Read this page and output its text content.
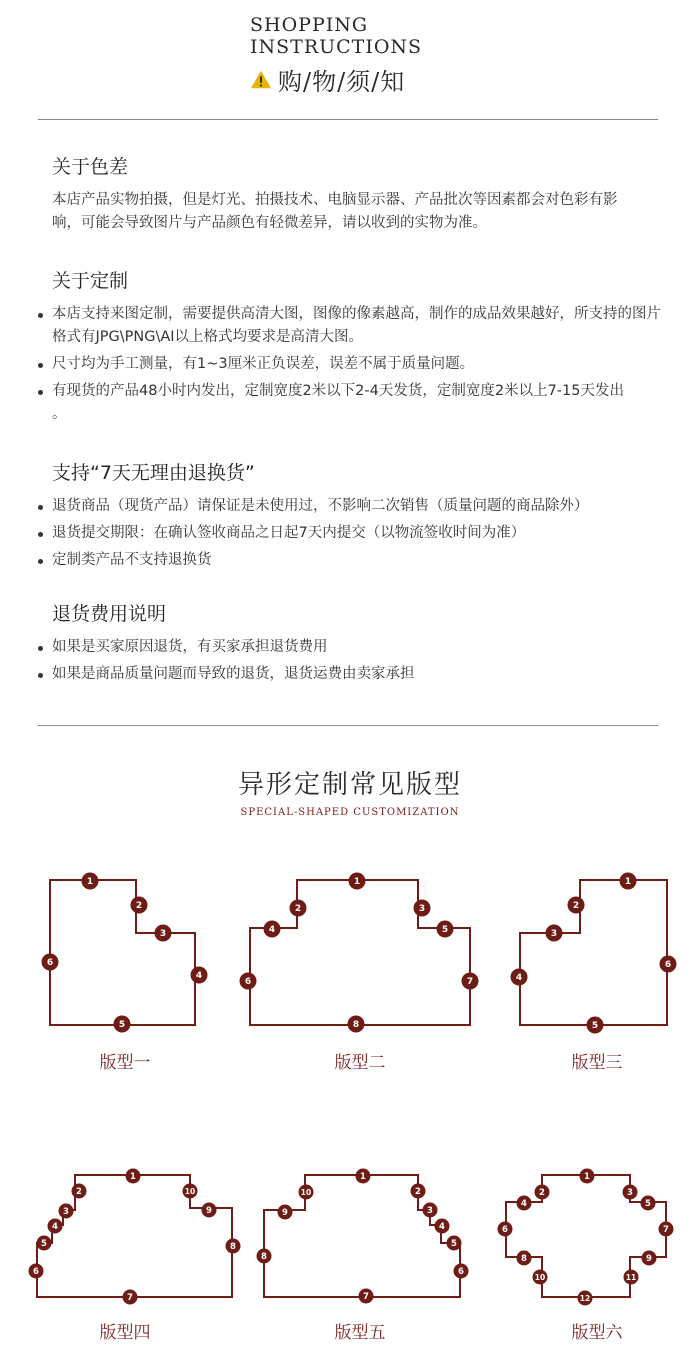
SHOPPING
INSTRUCTIONS
购/物/须/知
关于色差

本店产品实物拍摄，但是灯光、拍摄技术、电脑显示器、产品批次等因素都会对色彩有影响，可能会导致图片与产品颜色有轻微差异，请以收到的实物为准。

关于定制
本店支持来图定制，需要提供高清大图，图像的像素越高，制作的成品效果越好，所支持的图片格式有JPG\PNG\AI以上格式均要求是高清大图。
尺寸均为手工测量，有1~3厘米正负误差，误差不属于质量问题。
有现货的产品48小时内发出，定制宽度2米以下2-4天发货，定制宽度2米以上7-15天发出 。
支持“7天无理由退换货”
退货商品（现货产品）请保证是未使用过，不影响二次销售（质量问题的商品除外）
退货提交期限：在确认签收商品之日起7天内提交（以物流签收时间为准）
定制类产品不支持退换货
退货费用说明
如果是买家原因退货，有买家承担退货费用
如果是商品质量问题而导致的退货，退货运费由卖家承担
异形定制常见版型
SPECIAL-SHAPED CUSTOMIZATION
1
2
3
4
5
6
1
2	3
4	5
6	7
8
1
2
3
4
5
6
1
2
3
4
5
6
7
8
9
10
1
2
3
4
5
6
7
8
9
10
1
2	3
4	5
6	7
8	9
10	11
12
版型一	版型二	版型三
版型四	版型五	版型六
